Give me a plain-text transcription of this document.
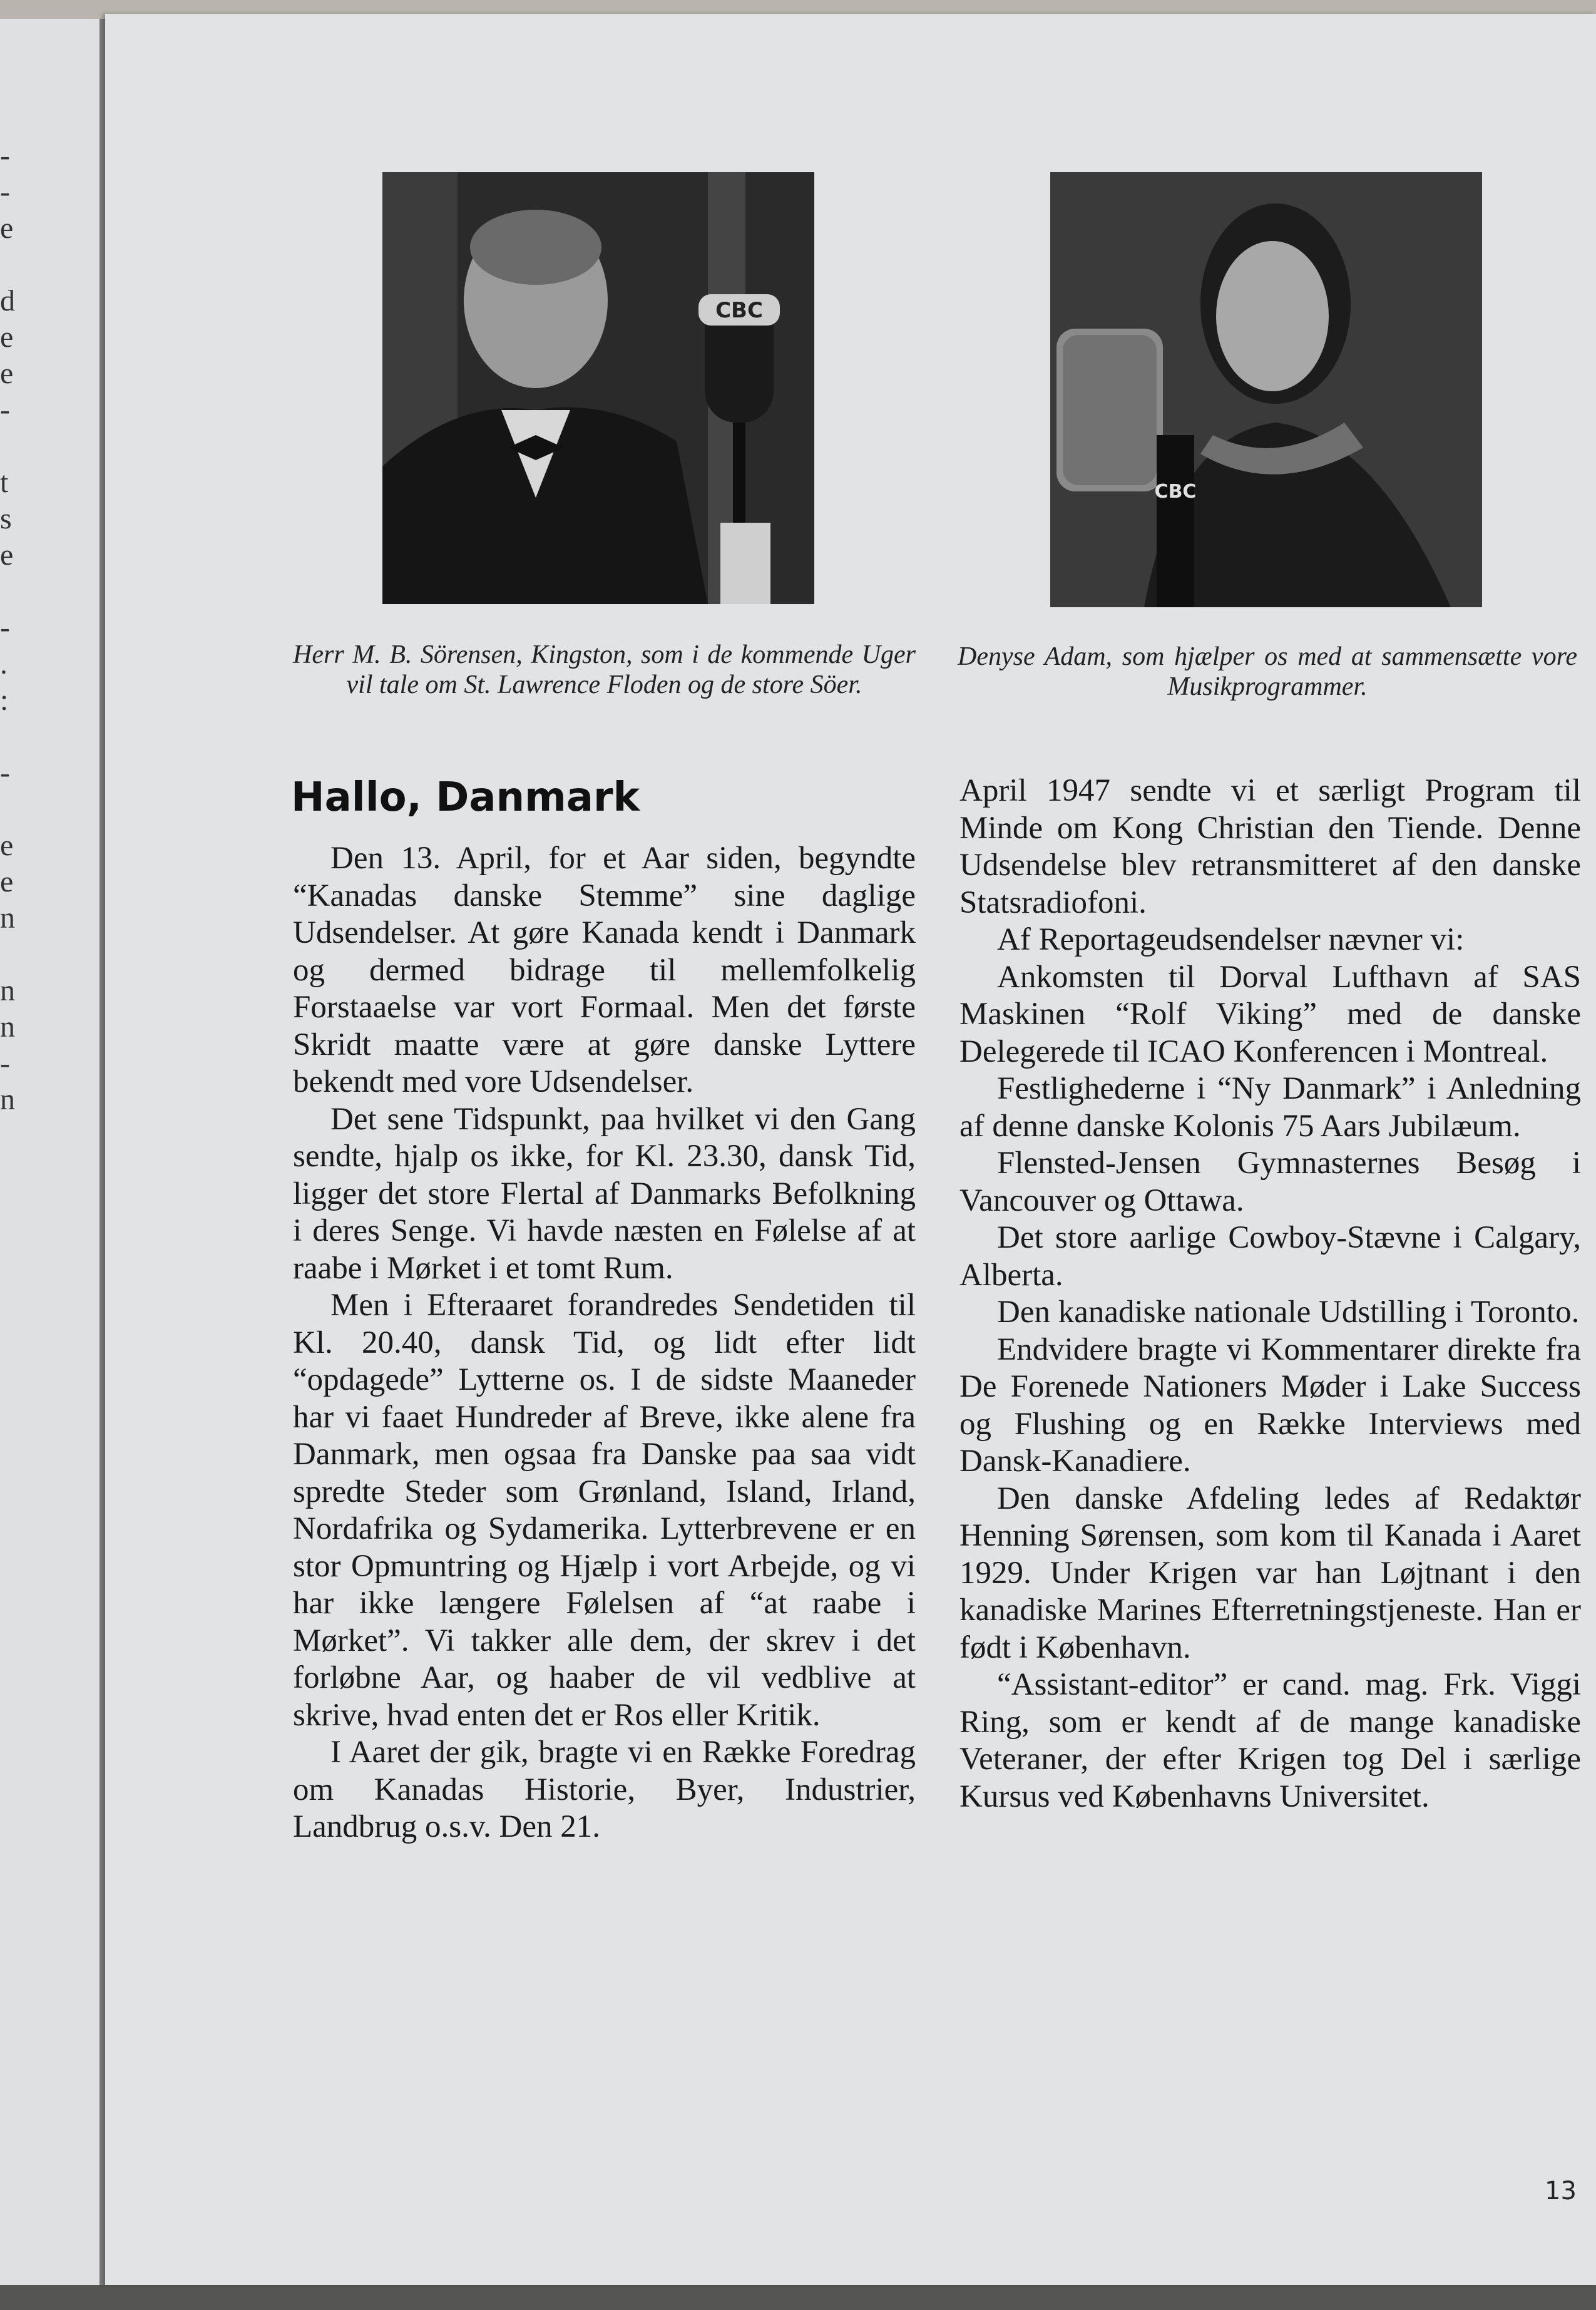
-
-
e
d
e
e
-
t
s
e
-
.
:
-
e
e
n
n
n
-
n
CBC
CBC
Herr M. B. Sörensen, Kingston, som i de kommende Uger vil tale om St. Lawrence Floden og de store Söer.
Denyse Adam, som hjælper os med at sammensætte vore Musikprogrammer.
Hallo, Danmark

Den 13. April, for et Aar siden, begyndte “Kanadas danske Stemme” sine daglige Udsendelser. At gøre Kanada kendt i Danmark og dermed bidrage til mellemfolkelig Forstaaelse var vort Formaal. Men det første Skridt maatte være at gøre danske Lyttere bekendt med vore Udsendelser.

Det sene Tidspunkt, paa hvilket vi den Gang sendte, hjalp os ikke, for Kl. 23.30, dansk Tid, ligger det store Flertal af Danmarks Befolkning i deres Senge. Vi havde næsten en Følelse af at raabe i Mørket i et tomt Rum.

Men i Efteraaret forandredes Sendetiden til Kl. 20.40, dansk Tid, og lidt efter lidt “opdagede” Lytterne os. I de sidste Maaneder har vi faaet Hundreder af Breve, ikke alene fra Danmark, men ogsaa fra Danske paa saa vidt spredte Steder som Grønland, Island, Irland, Nordafrika og Sydamerika. Lytterbrevene er en stor Opmuntring og Hjælp i vort Arbejde, og vi har ikke længere Følelsen af “at raabe i Mørket”. Vi takker alle dem, der skrev i det forløbne Aar, og haaber de vil vedblive at skrive, hvad enten det er Ros eller Kritik.

I Aaret der gik, bragte vi en Række Foredrag om Kanadas Historie, Byer, Industrier, Landbrug o.s.v. Den 21.

April 1947 sendte vi et særligt Program til Minde om Kong Christian den Tiende. Denne Udsendelse blev retransmitteret af den danske Statsradiofoni.

Af Reportageudsendelser nævner vi:

Ankomsten til Dorval Lufthavn af SAS Maskinen “Rolf Viking” med de danske Delegerede til ICAO Konferencen i Montreal.

Festlighederne i “Ny Danmark” i Anledning af denne danske Kolonis 75 Aars Jubilæum.

Flensted-Jensen Gymnasternes Besøg i Vancouver og Ottawa.

Det store aarlige Cowboy-Stævne i Calgary, Alberta.

Den kanadiske nationale Udstilling i Toronto.

Endvidere bragte vi Kommentarer direkte fra De Forenede Nationers Møder i Lake Success og Flushing og en Række Interviews med Dansk-Kanadiere.

Den danske Afdeling ledes af Redaktør Henning Sørensen, som kom til Kanada i Aaret 1929. Under Krigen var han Løjtnant i den kanadiske Marines Efterretningstjeneste. Han er født i København.

“Assistant-editor” er cand. mag. Frk. Viggi Ring, som er kendt af de mange kanadiske Veteraner, der efter Krigen tog Del i særlige Kursus ved Københavns Universitet.

13
